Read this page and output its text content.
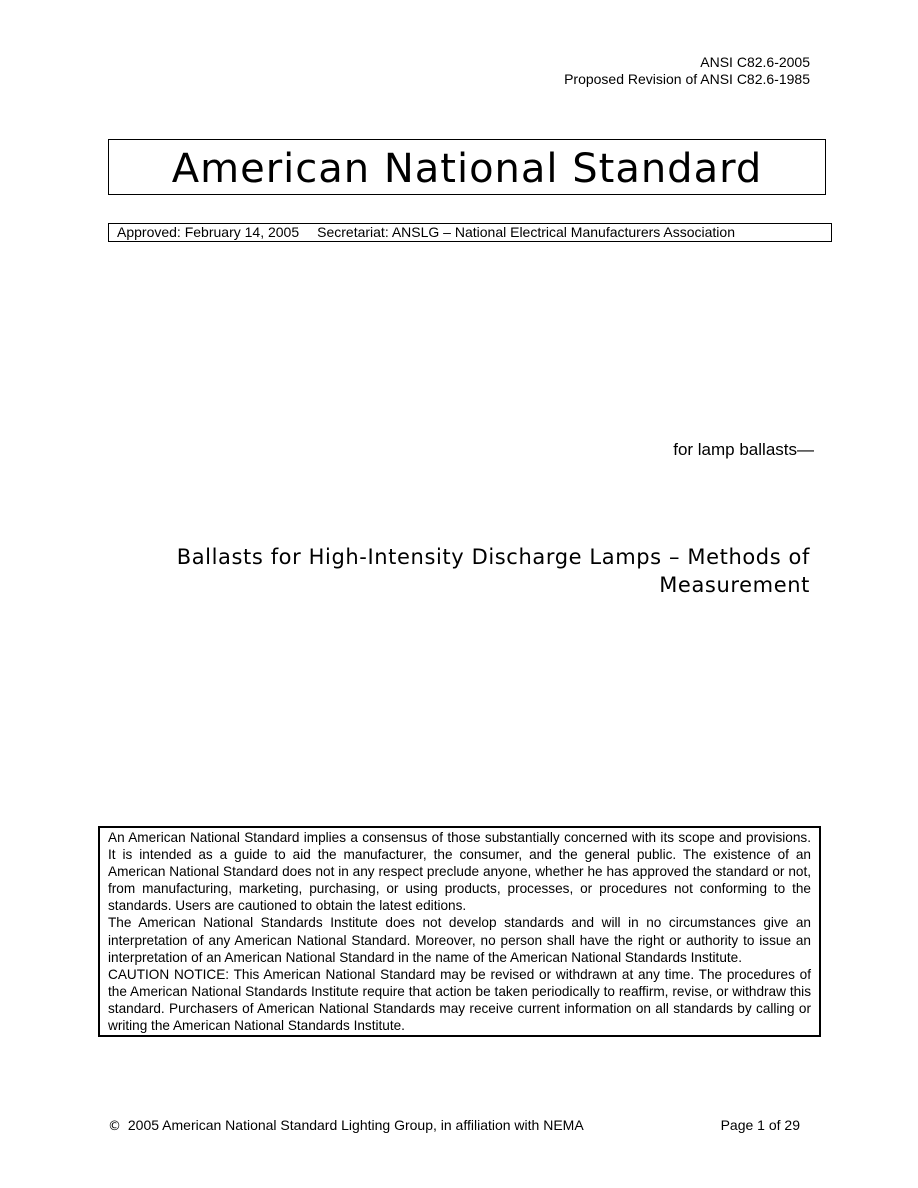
ANSI C82.6-2005
Proposed Revision of ANSI C82.6-1985
American National Standard
Approved: February 14, 2005 Secretariat: ANSLG – National Electrical Manufacturers Association
for lamp ballasts—
Ballasts for High-Intensity Discharge Lamps – Methods of Measurement

An American National Standard implies a consensus of those substantially concerned with its scope and provisions. It is intended as a guide to aid the manufacturer, the consumer, and the general public. The existence of an American National Standard does not in any respect preclude anyone, whether he has approved the standard or not, from manufacturing, marketing, purchasing, or using products, processes, or procedures not conforming to the standards. Users are cautioned to obtain the latest editions.

The American National Standards Institute does not develop standards and will in no circumstances give an interpretation of any American National Standard. Moreover, no person shall have the right or authority to issue an interpretation of an American National Standard in the name of the American National Standards Institute.

CAUTION NOTICE: This American National Standard may be revised or withdrawn at any time. The procedures of the American National Standards Institute require that action be taken periodically to reaffirm, revise, or withdraw this standard. Purchasers of American National Standards may receive current information on all standards by calling or writing the American National Standards Institute.

© 2005 American National Standard Lighting Group, in affiliation with NEMA	Page 1 of 29
